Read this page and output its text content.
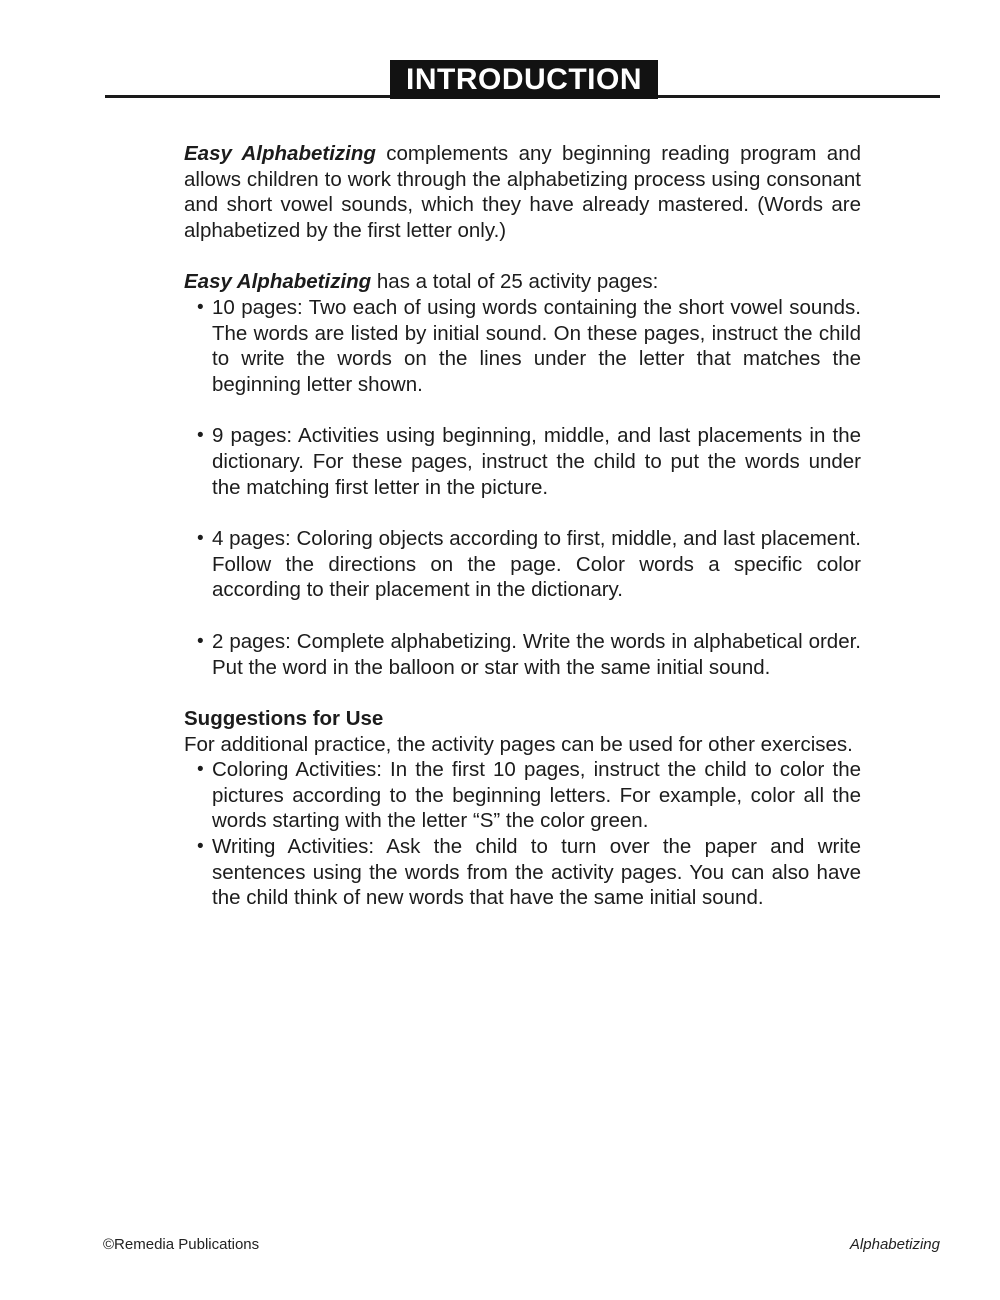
INTRODUCTION

Easy Alphabetizing complements any beginning reading program and allows children to work through the alphabetizing process using consonant and short vowel sounds, which they have already mastered. (Words are alphabetized by the first letter only.)

Easy Alphabetizing has a total of 25 activity pages:

• 10 pages: Two each of using words containing the short vowel sounds. The words are listed by initial sound. On these pages, instruct the child to write the words on the lines under the letter that matches the beginning letter shown.
• 9 pages: Activities using beginning, middle, and last placements in the dictionary. For these pages, instruct the child to put the words under the matching first letter in the picture.
• 4 pages: Coloring objects according to first, middle, and last placement. Follow the directions on the page. Color words a specific color according to their placement in the dictionary.
• 2 pages: Complete alphabetizing. Write the words in alphabetical order. Put the word in the balloon or star with the same initial sound.
Suggestions for Use

For additional practice, the activity pages can be used for other exercises.

• Coloring Activities: In the first 10 pages, instruct the child to color the pictures according to the beginning letters. For example, color all the words starting with the letter “S” the color green.
• Writing Activities: Ask the child to turn over the paper and write sentences using the words from the activity pages. You can also have the child think of new words that have the same initial sound.
©Remedia Publications	Alphabetizing
